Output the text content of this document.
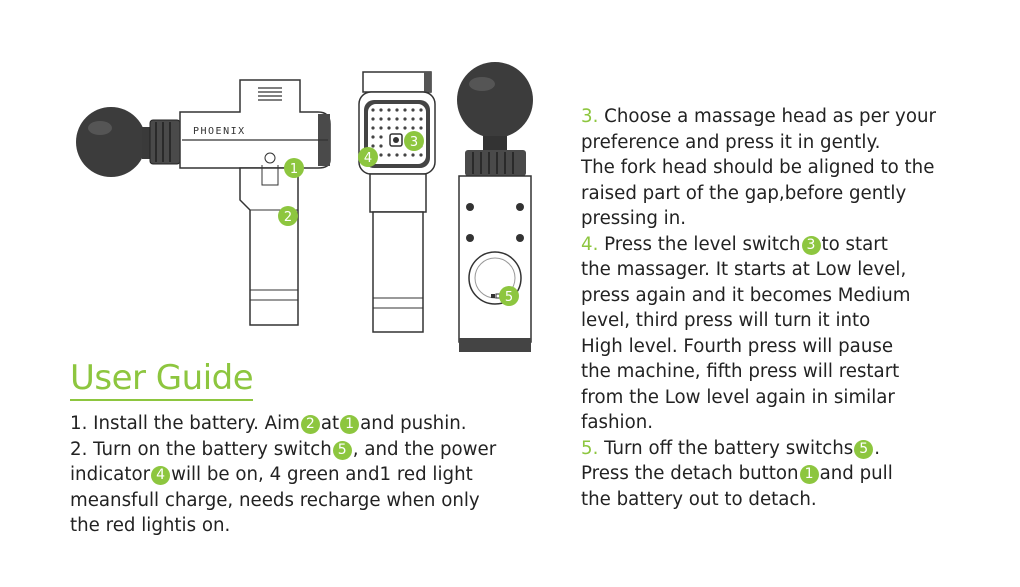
PHOENIX
1
2
3
4
5
User Guide
1. Install the battery. Aim 2 at 1 and pushin.
2. Turn on the battery switch 5 , and the power
indicator 4 will be on, 4 green and1 red light
meansfull charge, needs recharge when only
the red lightis on.
3. Choose a massage head as per your
preference and press it in gently.
The fork head should be aligned to the
raised part of the gap,before gently
pressing in.
4. Press the level switch 3 to start
the massager. It starts at Low level,
press again and it becomes Medium
level, third press will turn it into
High level. Fourth press will pause
the machine, fifth press will restart
from the Low level again in similar
fashion.
5. Turn off the battery switchs 5 .
Press the detach button 1 and pull
the battery out to detach.
